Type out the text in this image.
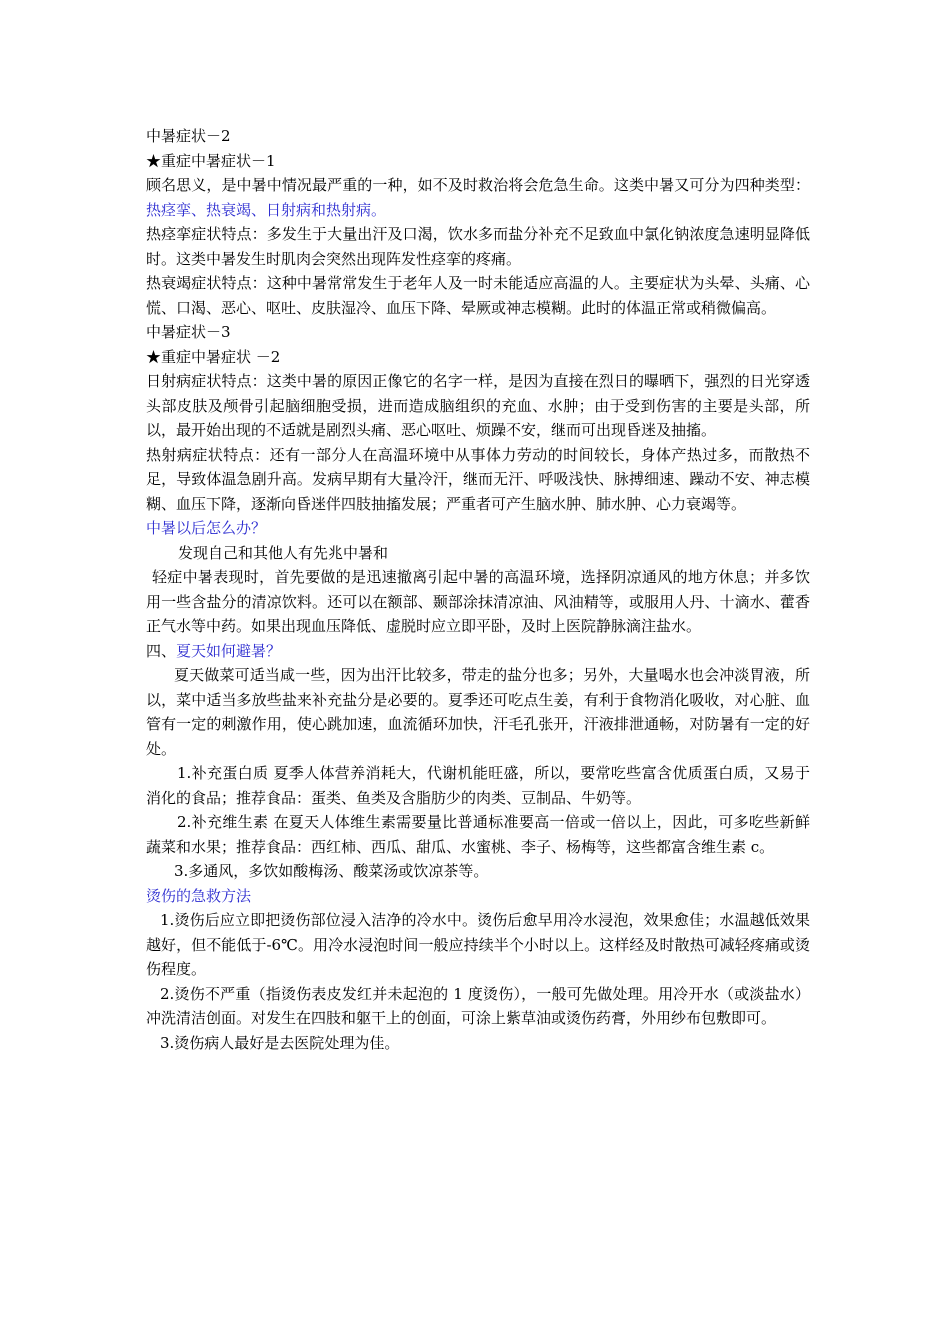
中暑症状－2

★重症中暑症状－1

顾名思义，是中暑中情况最严重的一种，如不及时救治将会危急生命。这类中暑又可分为四种类型：热痉挛、热衰竭、日射病和热射病。

热痉挛症状特点：多发生于大量出汗及口渴，饮水多而盐分补充不足致血中氯化钠浓度急速明显降低时。这类中暑发生时肌肉会突然出现阵发性痉挛的疼痛。

热衰竭症状特点：这种中暑常常发生于老年人及一时未能适应高温的人。主要症状为头晕、头痛、心慌、口渴、恶心、呕吐、皮肤湿冷、血压下降、晕厥或神志模糊。此时的体温正常或稍微偏高。

中暑症状－3

★重症中暑症状 －2

日射病症状特点：这类中暑的原因正像它的名字一样，是因为直接在烈日的曝晒下，强烈的日光穿透头部皮肤及颅骨引起脑细胞受损，进而造成脑组织的充血、水肿；由于受到伤害的主要是头部，所以，最开始出现的不适就是剧烈头痛、恶心呕吐、烦躁不安，继而可出现昏迷及抽搐。

热射病症状特点：还有一部分人在高温环境中从事体力劳动的时间较长，身体产热过多，而散热不足，导致体温急剧升高。发病早期有大量冷汗，继而无汗、呼吸浅快、脉搏细速、躁动不安、神志模糊、血压下降，逐渐向昏迷伴四肢抽搐发展；严重者可产生脑水肿、肺水肿、心力衰竭等。

中暑以后怎么办？

发现自己和其他人有先兆中暑和

轻症中暑表现时，首先要做的是迅速撤离引起中暑的高温环境，选择阴凉通风的地方休息；并多饮用一些含盐分的清凉饮料。还可以在额部、颞部涂抹清凉油、风油精等，或服用人丹、十滴水、藿香正气水等中药。如果出现血压降低、虚脱时应立即平卧，及时上医院静脉滴注盐水。

四、夏天如何避暑？

夏天做菜可适当咸一些，因为出汗比较多，带走的盐分也多；另外，大量喝水也会冲淡胃液，所以，菜中适当多放些盐来补充盐分是必要的。夏季还可吃点生姜，有利于食物消化吸收，对心脏、血管有一定的刺激作用，使心跳加速，血流循环加快，汗毛孔张开，汗液排泄通畅，对防暑有一定的好处。

1.补充蛋白质 夏季人体营养消耗大，代谢机能旺盛，所以，要常吃些富含优质蛋白质，又易于消化的食品；推荐食品：蛋类、鱼类及含脂肪少的肉类、豆制品、牛奶等。

2.补充维生素 在夏天人体维生素需要量比普通标准要高一倍或一倍以上，因此，可多吃些新鲜蔬菜和水果；推荐食品：西红柿、西瓜、甜瓜、水蜜桃、李子、杨梅等，这些都富含维生素 c。

3.多通风，多饮如酸梅汤、酸菜汤或饮凉茶等。

烫伤的急救方法

1.烫伤后应立即把烫伤部位浸入洁净的冷水中。烫伤后愈早用冷水浸泡，效果愈佳；水温越低效果越好，但不能低于-6℃。用冷水浸泡时间一般应持续半个小时以上。这样经及时散热可减轻疼痛或烫伤程度。

2.烫伤不严重（指烫伤表皮发红并未起泡的 1 度烫伤），一般可先做处理。用冷开水（或淡盐水）冲洗清洁创面。对发生在四肢和躯干上的创面，可涂上紫草油或烫伤药膏，外用纱布包敷即可。

3.烫伤病人最好是去医院处理为佳。
